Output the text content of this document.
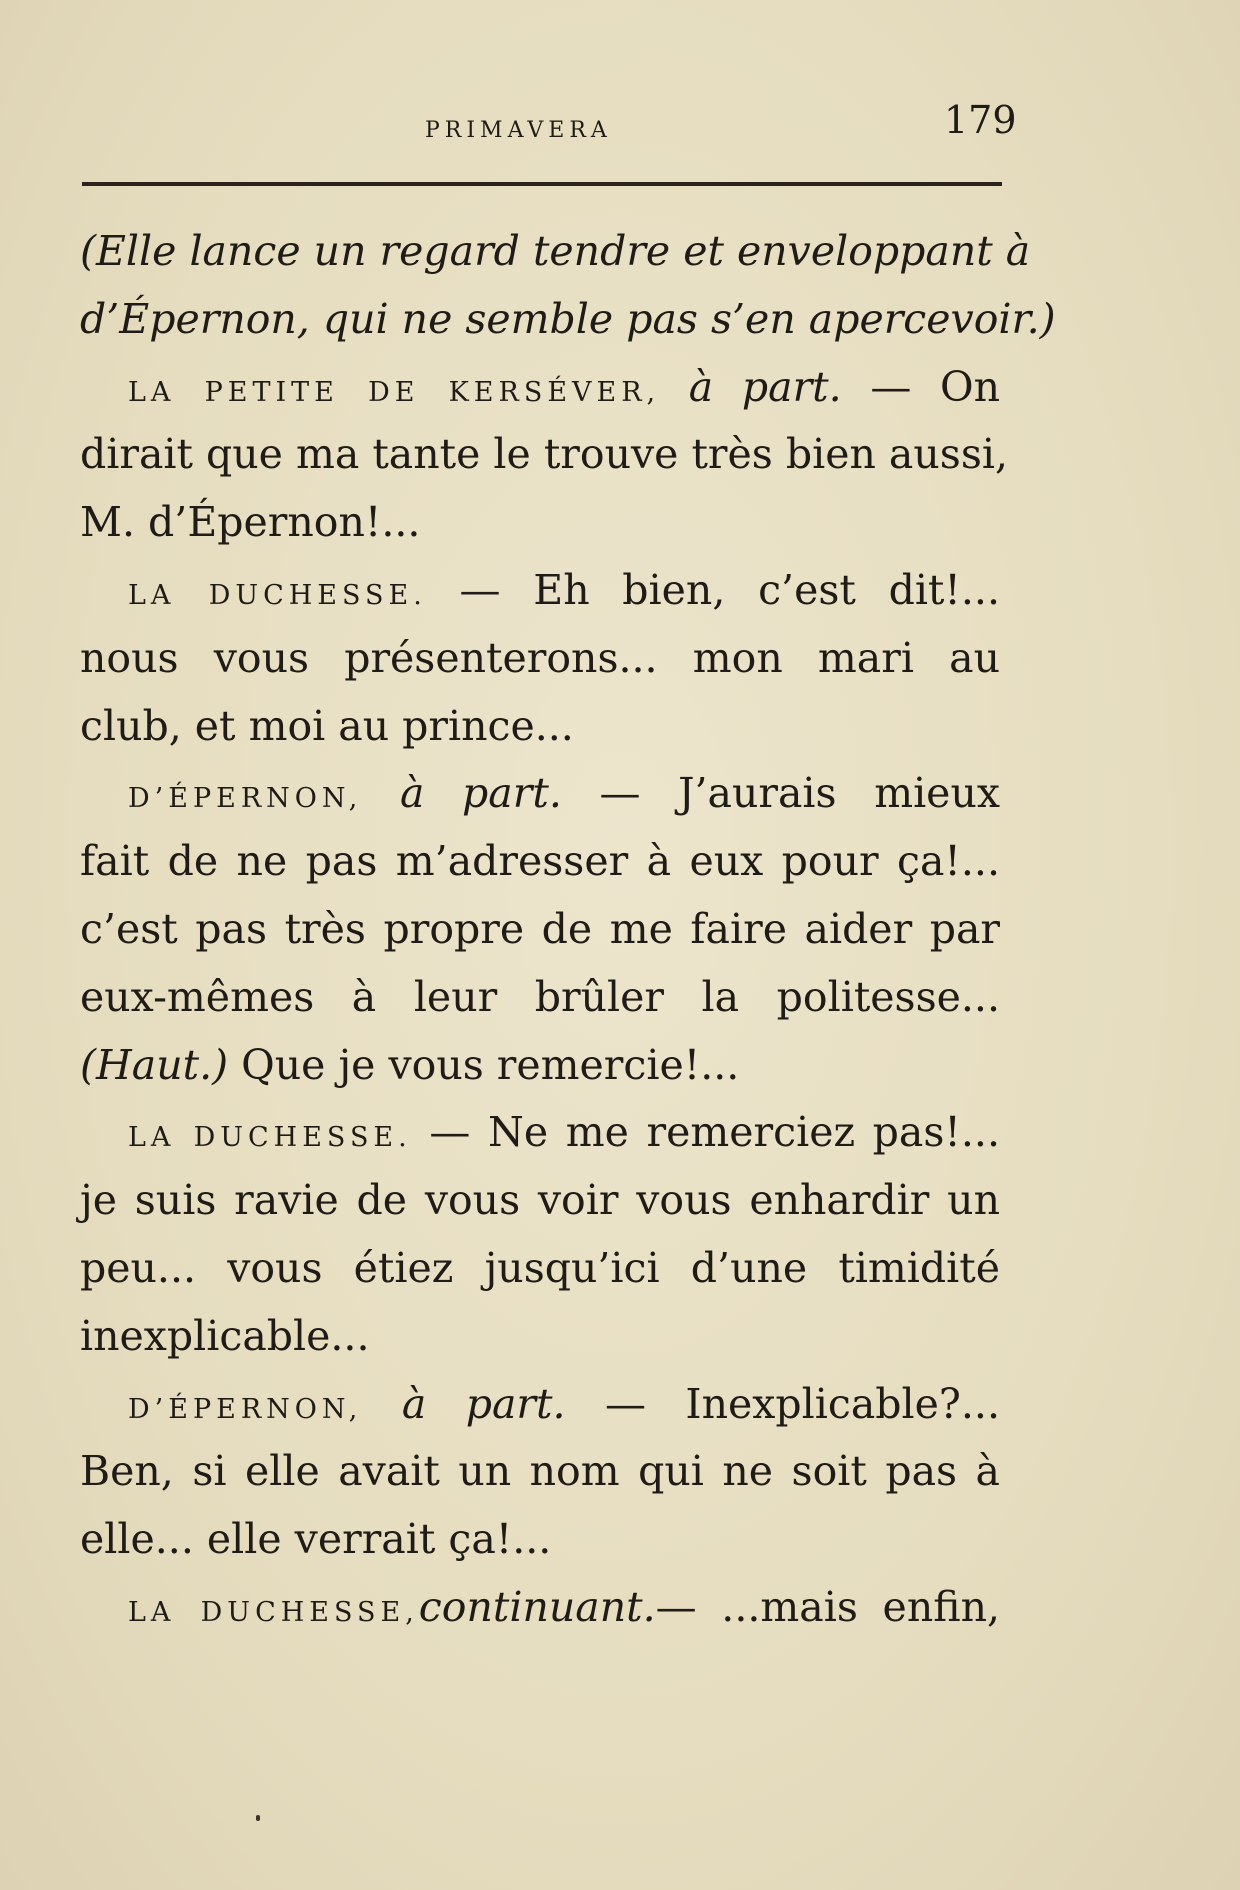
PRIMAVERA	179
(Elle lance un regard tendre et enveloppant à
d’Épernon, qui ne semble pas s’en apercevoir.)
LA PETITE DE KERSÉVER, à part. — On
dirait que ma tante le trouve très bien aussi,
M. d’Épernon!...
LA DUCHESSE. — Eh bien, c’est dit!...
nous vous présenterons... mon mari au
club, et moi au prince...
D’ÉPERNON, à part. — J’aurais mieux
fait de ne pas m’adresser à eux pour ça!...
c’est pas très propre de me faire aider par
eux-mêmes à leur brûler la politesse...
(Haut.) Que je vous remercie!...
LA DUCHESSE. — Ne me remerciez pas!...
je suis ravie de vous voir vous enhardir un
peu... vous étiez jusqu’ici d’une timidité
inexplicable...
D’ÉPERNON, à part. — Inexplicable?...
Ben, si elle avait un nom qui ne soit pas à
elle... elle verrait ça!...
LA DUCHESSE,continuant.— ...mais enfin,
